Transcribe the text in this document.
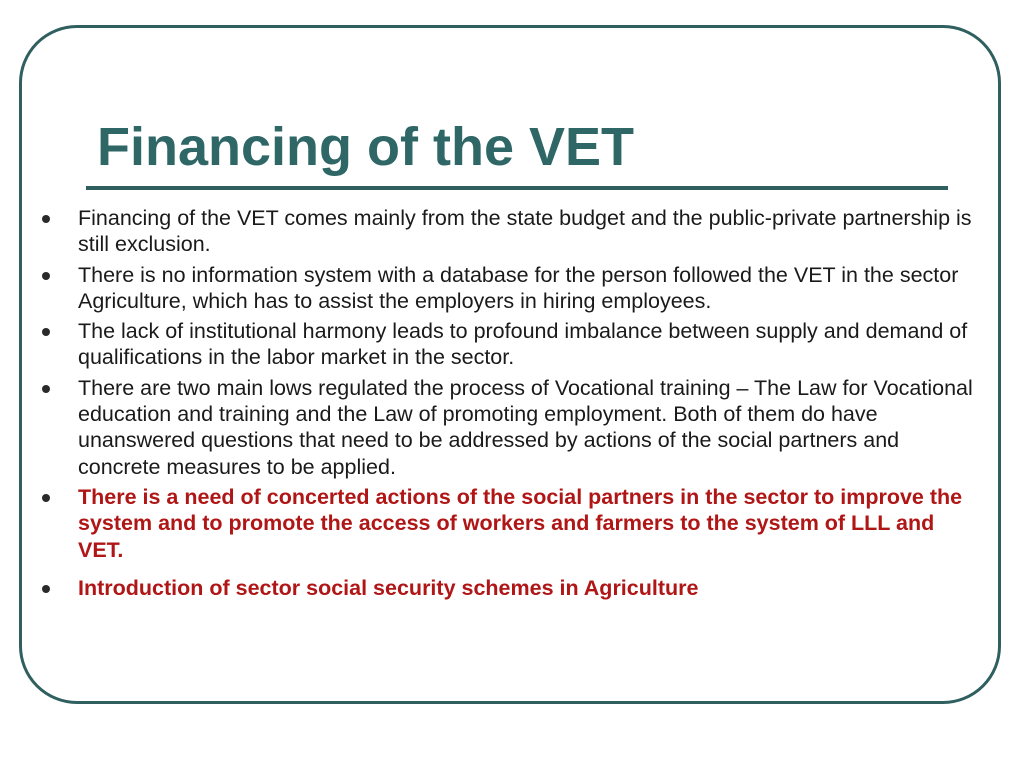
Financing of the VET
Financing of the VET comes mainly from the state budget and the public-private partnership is still exclusion.
There is no information system with a database for the person followed the VET in the sector Agriculture, which has to assist the employers in hiring employees.
The lack of institutional harmony leads to profound imbalance between supply and demand of qualifications in the labor market in the sector.
There are two main lows regulated the process of Vocational training – The Law for Vocational education and training and the Law of promoting employment. Both of them do have unanswered questions that need to be addressed by actions of the social partners and concrete measures to be applied.
There is a need of concerted actions of the social partners in the sector to improve the system and to promote the access of workers and farmers to the system of LLL and VET.
Introduction of sector social security schemes in Agriculture
